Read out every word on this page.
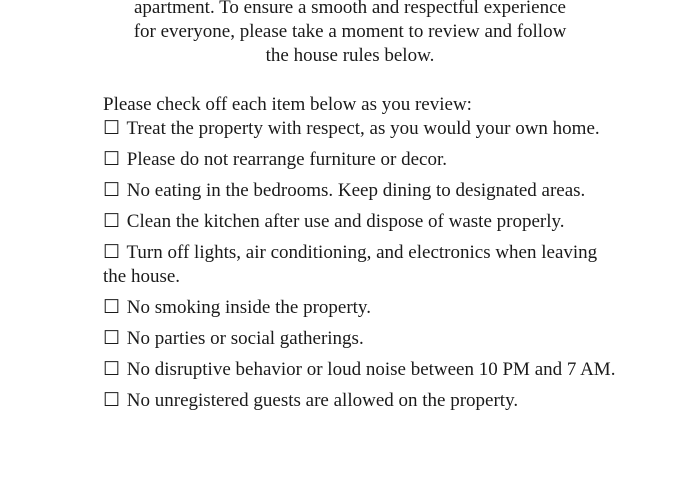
apartment. To ensure a smooth and respectful experience
for everyone, please take a moment to review and follow
the house rules below.

Please check off each item below as you review:

☐ Treat the property with respect, as you would your own home.
☐ Please do not rearrange furniture or decor.
☐ No eating in the bedrooms. Keep dining to designated areas.
☐ Clean the kitchen after use and dispose of waste properly.
☐ Turn off lights, air conditioning, and electronics when leaving the house.
☐ No smoking inside the property.
☐ No parties or social gatherings.
☐ No disruptive behavior or loud noise between 10 PM and 7 AM.
☐ No unregistered guests are allowed on the property.
